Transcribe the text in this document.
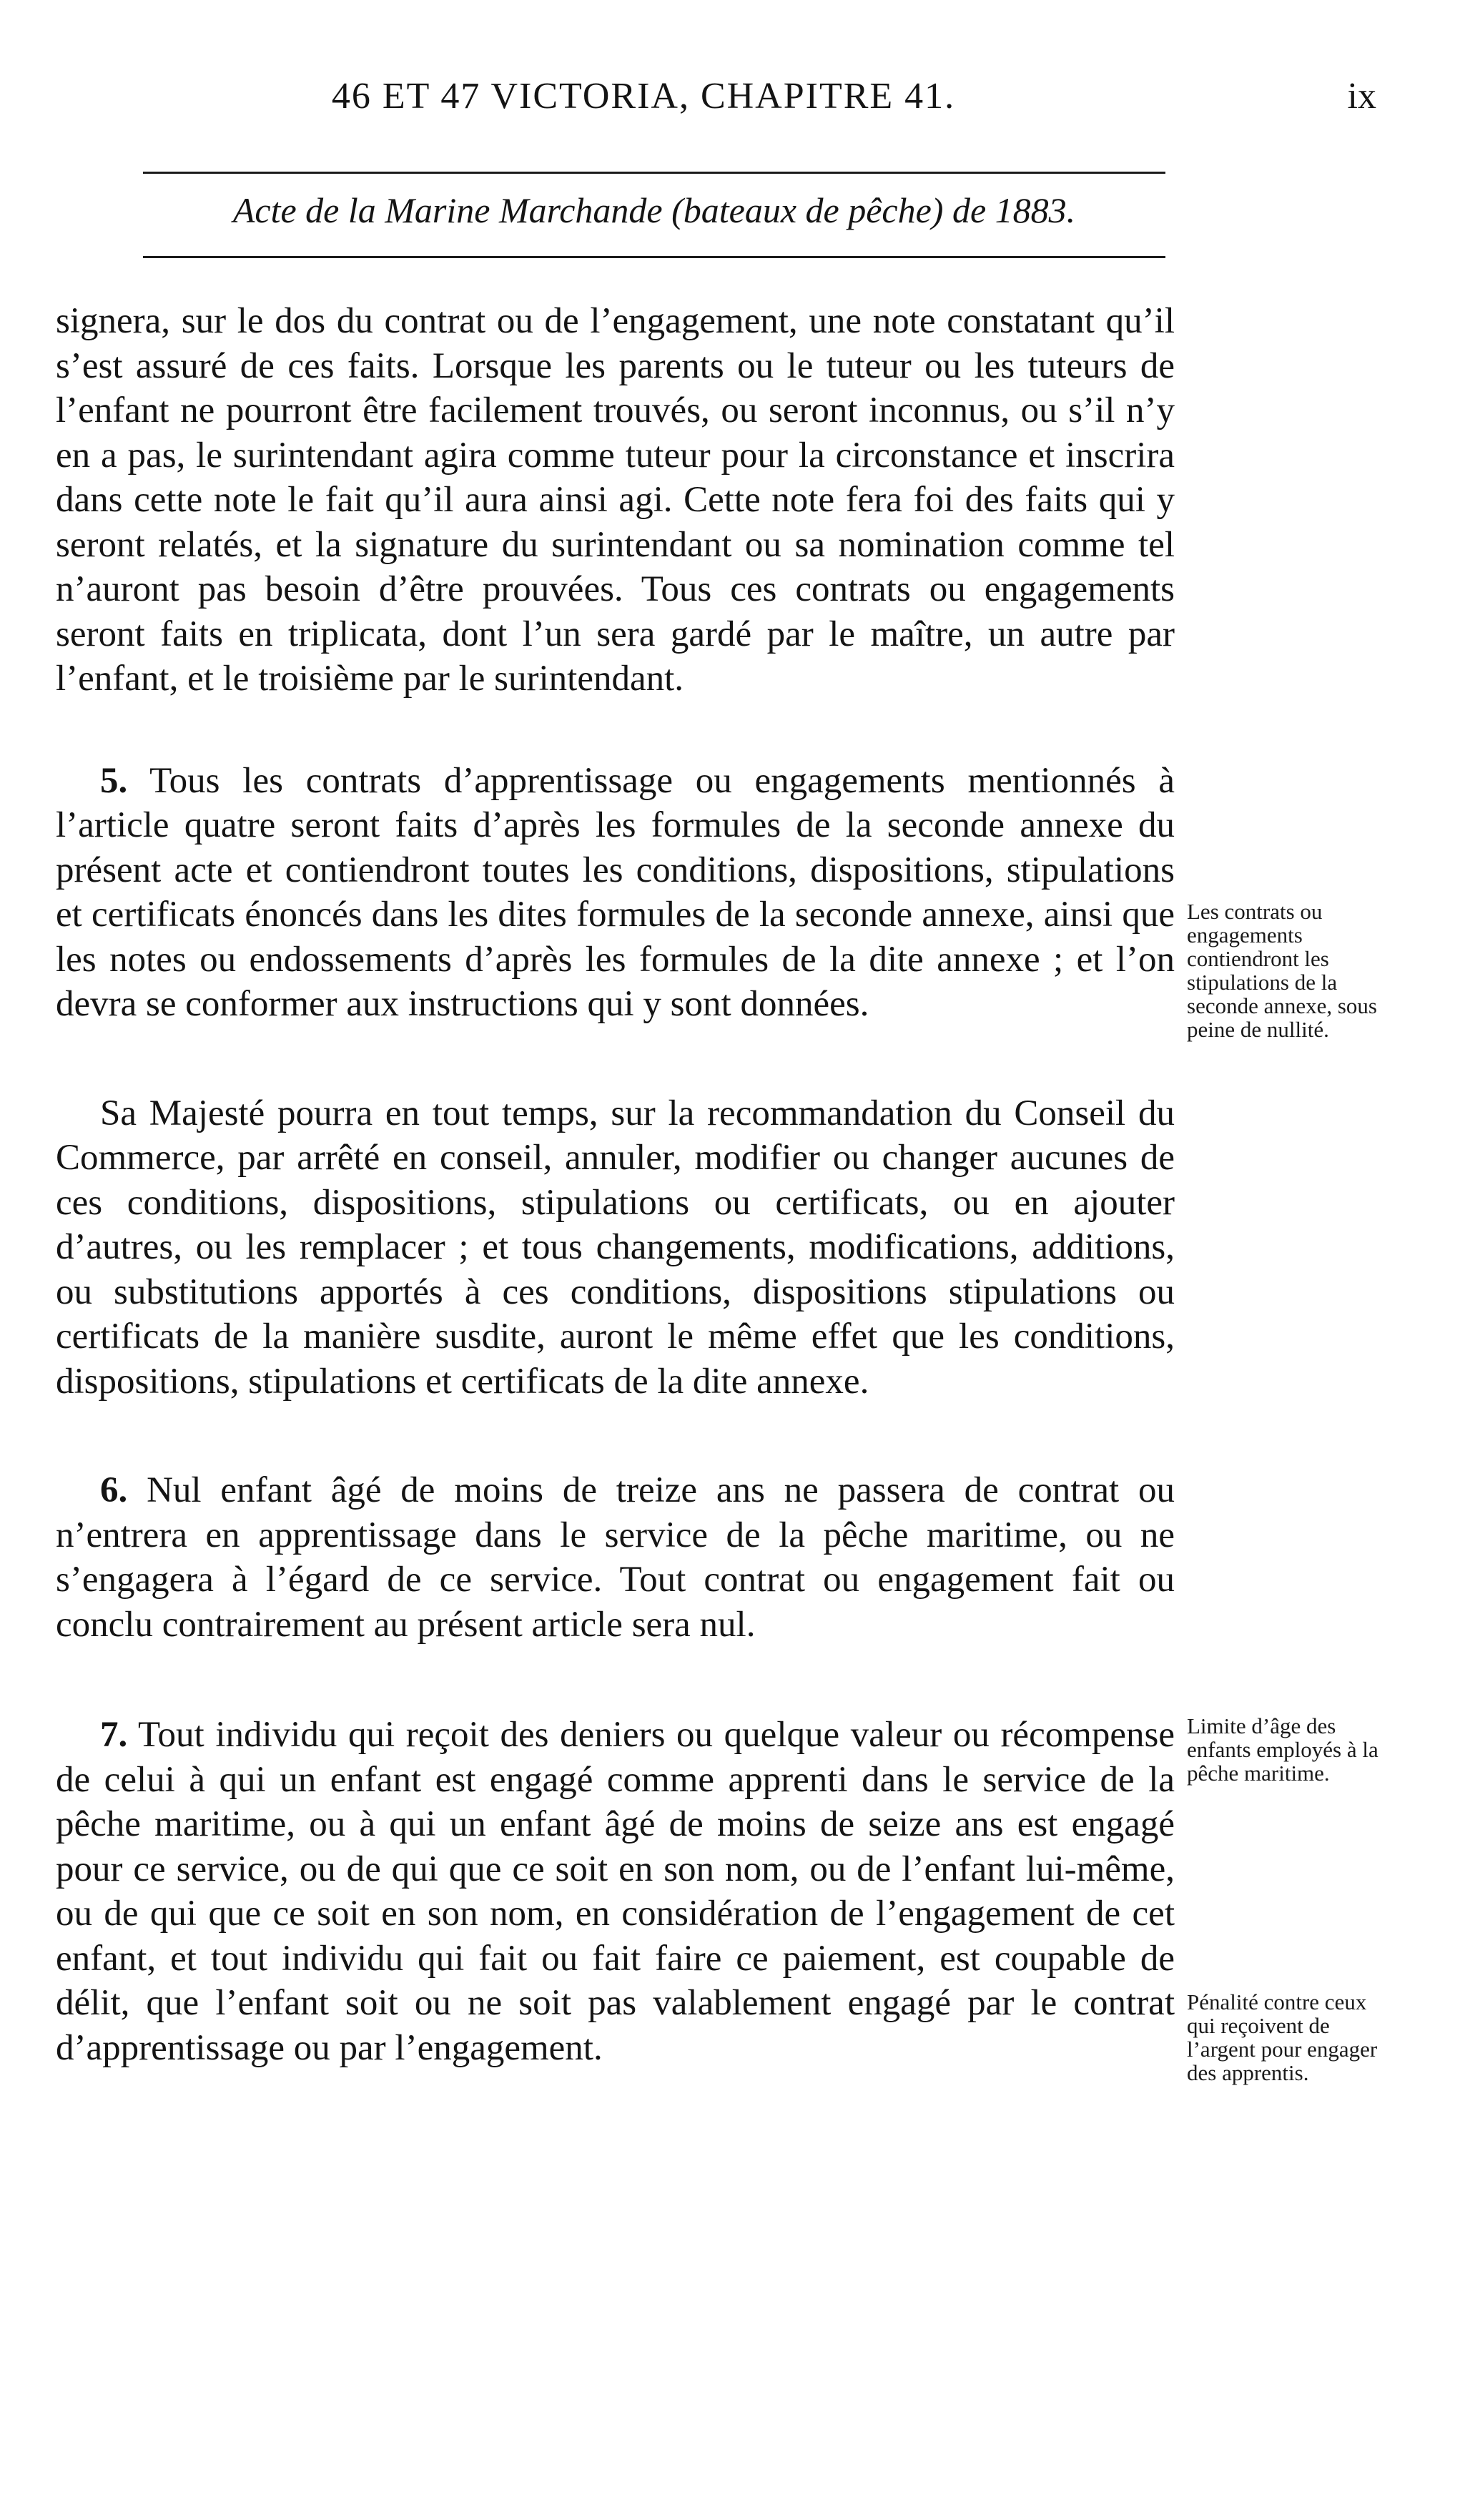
46 ET 47 VICTORIA, CHAPITRE 41.	ix
Acte de la Marine Marchande (bateaux de pêche) de 1883.

signera, sur le dos du contrat ou de l’engagement, une note constatant qu’il s’est assuré de ces faits. Lorsque les parents ou le tuteur ou les tuteurs de l’enfant ne pourront être facilement trouvés, ou seront inconnus, ou s’il n’y en a pas, le surintendant agira comme tuteur pour la circonstance et inscrira dans cette note le fait qu’il aura ainsi agi. Cette note fera foi des faits qui y seront relatés, et la signature du surintendant ou sa nomination comme tel n’auront pas besoin d’être prouvées. Tous ces contrats ou engagements seront faits en triplicata, dont l’un sera gardé par le maître, un autre par l’enfant, et le troisième par le surintendant.

5. Tous les contrats d’apprentissage ou engagements mentionnés à l’article quatre seront faits d’après les formules de la seconde annexe du présent acte et contiendront toutes les conditions, dispositions, stipulations et certificats énoncés dans les dites formules de la seconde annexe, ainsi que les notes ou endossements d’après les formules de la dite annexe ; et l’on devra se conformer aux instructions qui y sont données.

Sa Majesté pourra en tout temps, sur la recommandation du Conseil du Commerce, par arrêté en conseil, annuler, modifier ou changer aucunes de ces conditions, dispositions, stipulations ou certificats, ou en ajouter d’autres, ou les remplacer ; et tous changements, modifications, additions, ou substitutions apportés à ces conditions, dispositions stipulations ou certificats de la manière susdite, auront le même effet que les conditions, dispositions, stipulations et certificats de la dite annexe.

6. Nul enfant âgé de moins de treize ans ne passera de contrat ou n’entrera en apprentissage dans le service de la pêche maritime, ou ne s’engagera à l’égard de ce service. Tout contrat ou engagement fait ou conclu contrairement au présent article sera nul.

7. Tout individu qui reçoit des deniers ou quelque valeur ou récompense de celui à qui un enfant est engagé comme apprenti dans le service de la pêche maritime, ou à qui un enfant âgé de moins de seize ans est engagé pour ce service, ou de qui que ce soit en son nom, ou de l’enfant lui-même, ou de qui que ce soit en son nom, en considération de l’engagement de cet enfant, et tout individu qui fait ou fait faire ce paiement, est coupable de délit, que l’enfant soit ou ne soit pas valablement engagé par le contrat d’apprentissage ou par l’engagement.

Les contrats ou engagements contiendront les stipulations de la seconde annexe, sous peine de nullité.
Limite d’âge des enfants employés à la pêche maritime.
Pénalité contre ceux qui reçoivent de l’argent pour engager des apprentis.
